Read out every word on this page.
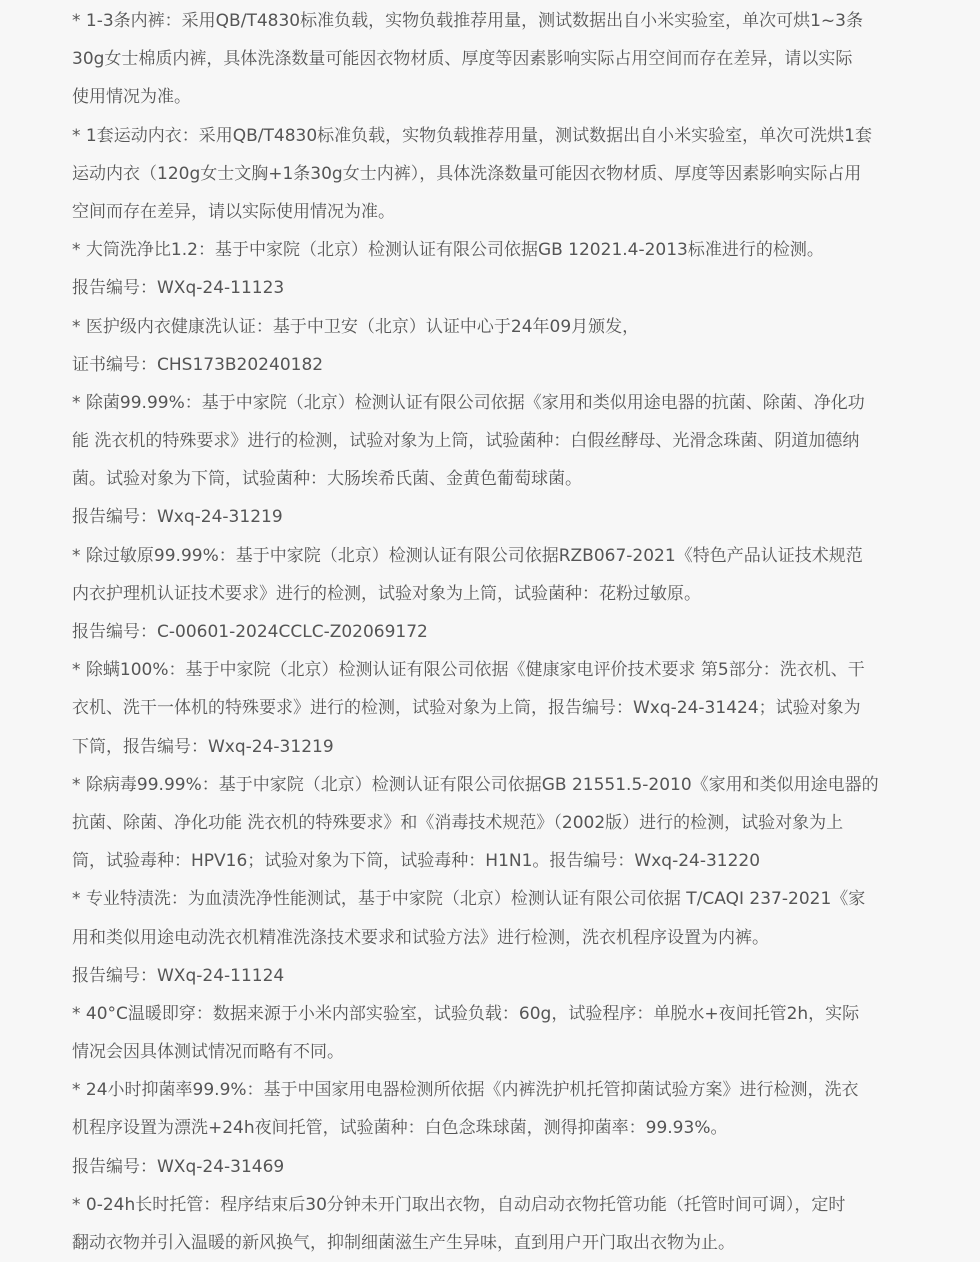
* 1-3条内裤：采用QB/T4830标准负载，实物负载推荐用量，测试数据出自小米实验室，单次可烘1~3条
30g女士棉质内裤，具体洗涤数量可能因衣物材质、厚度等因素影响实际占用空间而存在差异，请以实际
使用情况为准。
* 1套运动内衣：采用QB/T4830标准负载，实物负载推荐用量，测试数据出自小米实验室，单次可洗烘1套
运动内衣（120g女士文胸+1条30g女士内裤），具体洗涤数量可能因衣物材质、厚度等因素影响实际占用
空间而存在差异，请以实际使用情况为准。
* 大筒洗净比1.2：基于中家院（北京）检测认证有限公司依据GB 12021.4-2013标准进行的检测。
报告编号：WXq-24-11123
* 医护级内衣健康洗认证：基于中卫安（北京）认证中心于24年09月颁发，
证书编号：CHS173B20240182
* 除菌99.99%：基于中家院（北京）检测认证有限公司依据《家用和类似用途电器的抗菌、除菌、净化功
能 洗衣机的特殊要求》进行的检测，试验对象为上筒，试验菌种：白假丝酵母、光滑念珠菌、阴道加德纳
菌。试验对象为下筒，试验菌种：大肠埃希氏菌、金黄色葡萄球菌。
报告编号：Wxq-24-31219
* 除过敏原99.99%：基于中家院（北京）检测认证有限公司依据RZB067-2021《特色产品认证技术规范
内衣护理机认证技术要求》进行的检测，试验对象为上筒，试验菌种：花粉过敏原。
报告编号：C-00601-2024CCLC-Z02069172
* 除螨100%：基于中家院（北京）检测认证有限公司依据《健康家电评价技术要求 第5部分：洗衣机、干
衣机、洗干一体机的特殊要求》进行的检测，试验对象为上筒，报告编号：Wxq-24-31424；试验对象为
下筒，报告编号：Wxq-24-31219
* 除病毒99.99%：基于中家院（北京）检测认证有限公司依据GB 21551.5-2010《家用和类似用途电器的
抗菌、除菌、净化功能 洗衣机的特殊要求》和《消毒技术规范》（2002版）进行的检测，试验对象为上
筒，试验毒种：HPV16；试验对象为下筒，试验毒种：H1N1。报告编号：Wxq-24-31220
* 专业特渍洗：为血渍洗净性能测试，基于中家院（北京）检测认证有限公司依据 T/CAQI 237-2021《家
用和类似用途电动洗衣机精准洗涤技术要求和试验方法》进行检测，洗衣机程序设置为内裤。
报告编号：WXq-24-11124
* 40°C温暖即穿：数据来源于小米内部实验室，试验负载：60g，试验程序：单脱水+夜间托管2h，实际
情况会因具体测试情况而略有不同。
* 24小时抑菌率99.9%：基于中国家用电器检测所依据《内裤洗护机托管抑菌试验方案》进行检测，洗衣
机程序设置为漂洗+24h夜间托管，试验菌种：白色念珠球菌，测得抑菌率：99.93%。
报告编号：WXq-24-31469
* 0-24h长时托管：程序结束后30分钟未开门取出衣物，自动启动衣物托管功能（托管时间可调），定时
翻动衣物并引入温暖的新风换气，抑制细菌滋生产生异味，直到用户开门取出衣物为止。
